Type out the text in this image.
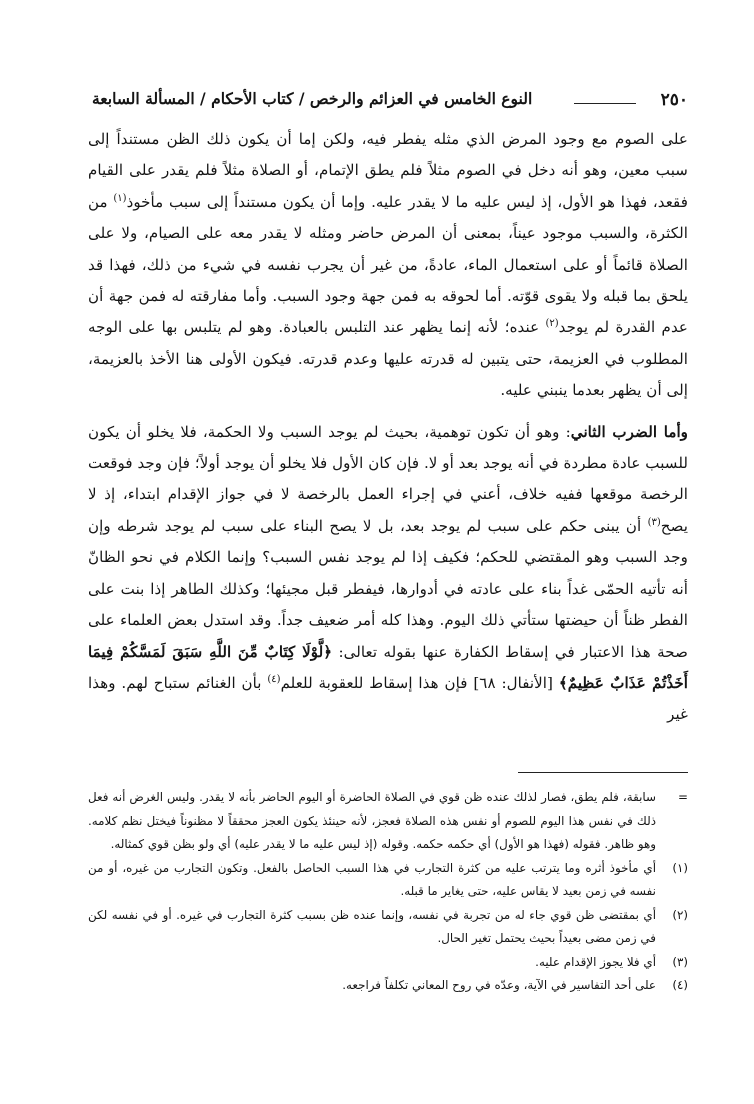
٢٥٠
النوع الخامس في العزائم والرخص / كتاب الأحكام / المسألة السابعة

على الصوم مع وجود المرض الذي مثله يفطر فيه، ولكن إما أن يكون ذلك الظن مستنداً إلى سبب معين، وهو أنه دخل في الصوم مثلاً فلم يطق الإتمام، أو الصلاة مثلاً فلم يقدر على القيام فقعد، فهذا هو الأول، إذ ليس عليه ما لا يقدر عليه. وإما أن يكون مستنداً إلى سبب مأخوذ$^{(١)}$ من الكثرة، والسبب موجود عيناً، بمعنى أن المرض حاضر ومثله لا يقدر معه على الصيام، ولا على الصلاة قائماً أو على استعمال الماء، عادةً، من غير أن يجرب نفسه في شيء من ذلك، فهذا قد يلحق بما قبله ولا يقوى قوّته. أما لحوقه به فمن جهة وجود السبب. وأما مفارقته له فمن جهة أن عدم القدرة لم يوجد$^{(٢)}$ عنده؛ لأنه إنما يظهر عند التلبس بالعبادة. وهو لم يتلبس بها على الوجه المطلوب في العزيمة، حتى يتبين له قدرته عليها وعدم قدرته. فيكون الأولى هنا الأخذ بالعزيمة، إلى أن يظهر بعدما ينبني عليه.

وأما الضرب الثاني: وهو أن تكون توهمية، بحيث لم يوجد السبب ولا الحكمة، فلا يخلو أن يكون للسبب عادة مطردة في أنه يوجد بعد أو لا. فإن كان الأول فلا يخلو أن يوجد أولاً؛ فإن وجد فوقعت الرخصة موقعها ففيه خلاف، أعني في إجراء العمل بالرخصة لا في جواز الإقدام ابتداء، إذ لا يصح$^{(٣)}$ أن يبنى حكم على سبب لم يوجد بعد، بل لا يصح البناء على سبب لم يوجد شرطه وإن وجد السبب وهو المقتضي للحكم؛ فكيف إذا لم يوجد نفس السبب؟ وإنما الكلام في نحو الظانّ أنه تأتيه الحمّى غداً بناء على عادته في أدوارها، فيفطر قبل مجيئها؛ وكذلك الطاهر إذا بنت على الفطر ظناً أن حيضتها ستأتي ذلك اليوم. وهذا كله أمر ضعيف جداً. وقد استدل بعض العلماء على صحة هذا الاعتبار في إسقاط الكفارة عنها بقوله تعالى: ﴿لَّوْلَا كِتَابٌ مِّنَ اللَّهِ سَبَقَ لَمَسَّكُمْ فِيمَا أَخَذْتُمْ عَذَابٌ عَظِيمٌ﴾ [الأنفال: ٦٨] فإن هذا إسقاط للعقوبة للعلم$^{(٤)}$ بأن الغنائم ستباح لهم. وهذا غير

=
سابقة، فلم يطق، فصار لذلك عنده ظن قوي في الصلاة الحاضرة أو اليوم الحاضر بأنه لا يقدر. وليس الغرض أنه فعل ذلك في نفس هذا اليوم للصوم أو نفس هذه الصلاة فعجز، لأنه حينئذ يكون العجز محققاً لا مظنوناً فيختل نظم كلامه. وهو ظاهر. فقوله (فهذا هو الأول) أي حكمه حكمه. وقوله (إذ ليس عليه ما لا يقدر عليه) أي ولو بظن قوي كمثاله.

(١)
أي مأخوذ أثره وما يترتب عليه من كثرة التجارب في هذا السبب الحاصل بالفعل. وتكون التجارب من غيره، أو من نفسه في زمن بعيد لا يقاس عليه، حتى يغاير ما قبله.

(٢)
أي بمقتضى ظن قوي جاء له من تجربة في نفسه، وإنما عنده ظن بسبب كثرة التجارب في غيره. أو في نفسه لكن في زمن مضى بعيداً بحيث يحتمل تغير الحال.

(٣)
أي فلا يجوز الإقدام عليه.

(٤)
على أحد التفاسير في الآية، وعدّه في روح المعاني تكلفاً فراجعه.
